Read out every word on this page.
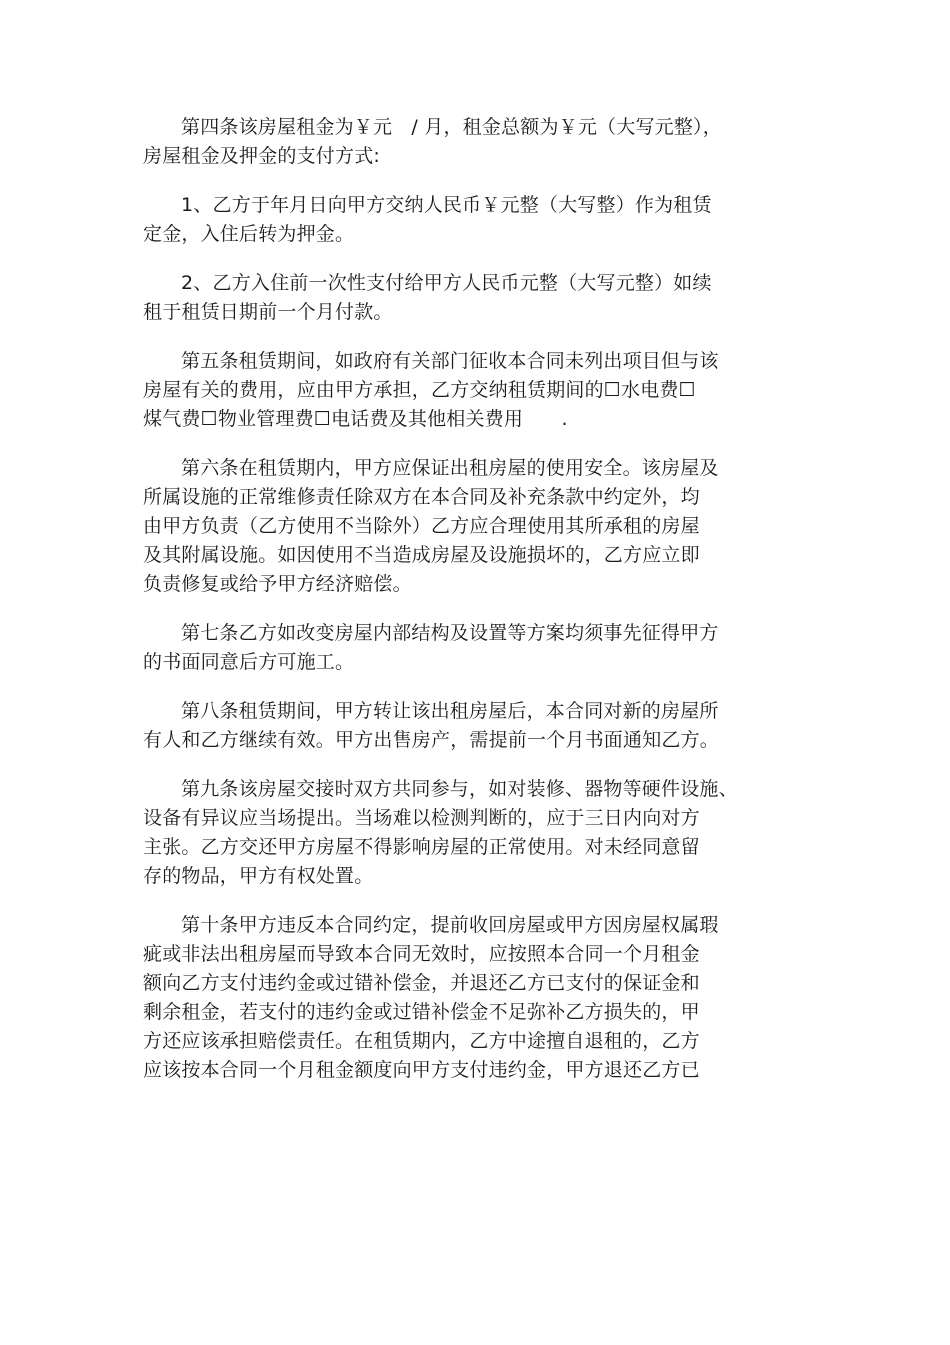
第四条该房屋租金为￥元　/ 月，租金总额为￥元（大写元整），
房屋租金及押金的支付方式:
1、乙方于年月日向甲方交纳人民币￥元整（大写整）作为租赁
定金，入住后转为押金。
2、乙方入住前一次性支付给甲方人民币元整（大写元整）如续
租于租赁日期前一个月付款。
第五条租赁期间，如政府有关部门征收本合同未列出项目但与该
房屋有关的费用，应由甲方承担，乙方交纳租赁期间的☐水电费☐
煤气费☐物业管理费☐电话费及其他相关费用　　.
第六条在租赁期内，甲方应保证出租房屋的使用安全。该房屋及
所属设施的正常维修责任除双方在本合同及补充条款中约定外，均
由甲方负责（乙方使用不当除外）乙方应合理使用其所承租的房屋
及其附属设施。如因使用不当造成房屋及设施损坏的，乙方应立即
负责修复或给予甲方经济赔偿。
第七条乙方如改变房屋内部结构及设置等方案均须事先征得甲方
的书面同意后方可施工。
第八条租赁期间，甲方转让该出租房屋后，本合同对新的房屋所
有人和乙方继续有效。甲方出售房产，需提前一个月书面通知乙方。
第九条该房屋交接时双方共同参与，如对装修、器物等硬件设施、
设备有异议应当场提出。当场难以检测判断的，应于三日内向对方
主张。乙方交还甲方房屋不得影响房屋的正常使用。对未经同意留
存的物品，甲方有权处置。
第十条甲方违反本合同约定，提前收回房屋或甲方因房屋权属瑕
疵或非法出租房屋而导致本合同无效时，应按照本合同一个月租金
额向乙方支付违约金或过错补偿金，并退还乙方已支付的保证金和
剩余租金，若支付的违约金或过错补偿金不足弥补乙方损失的，甲
方还应该承担赔偿责任。在租赁期内，乙方中途擅自退租的，乙方
应该按本合同一个月租金额度向甲方支付违约金，甲方退还乙方已
